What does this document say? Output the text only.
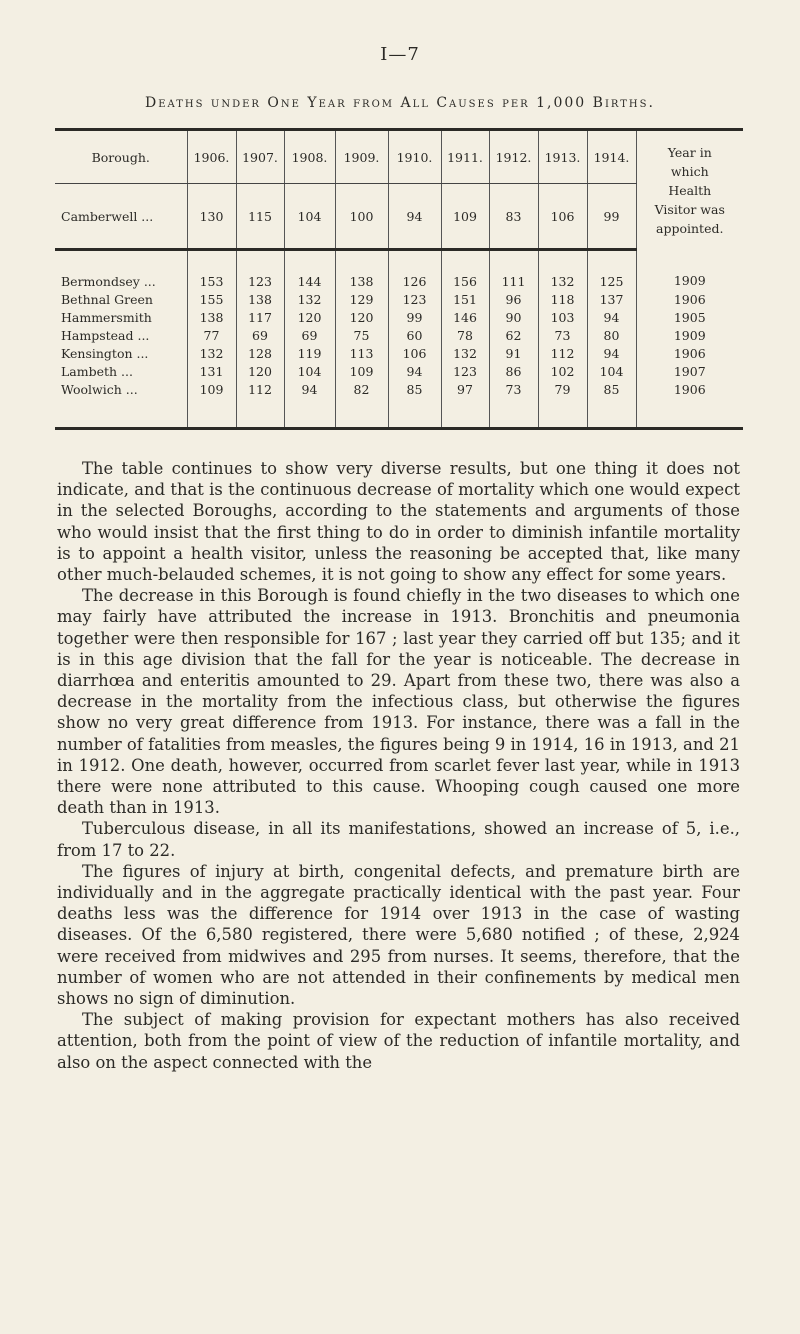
I—7
Deaths under One Year from All Causes per 1,000 Births.
Borough.	1906.	1907.	1908.	1909.	1910.	1911.	1912.	1913.	1914.	Year in
which
Health
Visitor was
appointed.

Camberwell ...	130	115	104	100	94	109	83	106	99	
Bermondsey ...	153	123	144	138	126	156	111	132	125	1909
Bethnal Green	155	138	132	129	123	151	96	118	137	1906
Hammersmith	138	117	120	120	99	146	90	103	94	1905
Hampstead ...	77	69	69	75	60	78	62	73	80	1909
Kensington ...	132	128	119	113	106	132	91	112	94	1906
Lambeth ...	131	120	104	109	94	123	86	102	104	1907
Woolwich ...	109	112	94	82	85	97	73	79	85	1906

The table continues to show very diverse results, but one thing it does not indicate, and that is the continuous decrease of mortality which one would expect in the selected Boroughs, according to the statements and arguments of those who would insist that the first thing to do in order to diminish infantile mortality is to appoint a health visitor, unless the reasoning be accepted that, like many other much-belauded schemes, it is not going to show any effect for some years.

The decrease in this Borough is found chiefly in the two diseases to which one may fairly have attributed the increase in 1913. Bronchitis and pneumonia together were then responsible for 167 ; last year they carried off but 135; and it is in this age division that the fall for the year is noticeable. The decrease in diarrhœa and enteritis amounted to 29. Apart from these two, there was also a decrease in the mortality from the infectious class, but otherwise the figures show no very great difference from 1913. For instance, there was a fall in the number of fatalities from measles, the figures being 9 in 1914, 16 in 1913, and 21 in 1912. One death, however, occurred from scarlet fever last year, while in 1913 there were none attributed to this cause. Whooping cough caused one more death than in 1913.

Tuberculous disease, in all its manifestations, showed an increase of 5, i.e., from 17 to 22.

The figures of injury at birth, congenital defects, and premature birth are individually and in the aggregate practically identical with the past year. Four deaths less was the difference for 1914 over 1913 in the case of wasting diseases. Of the 6,580 registered, there were 5,680 notified ; of these, 2,924 were received from midwives and 295 from nurses. It seems, therefore, that the number of women who are not attended in their confinements by medical men shows no sign of diminution.

The subject of making provision for expectant mothers has also received attention, both from the point of view of the reduction of infantile mortality, and also on the aspect connected with the
